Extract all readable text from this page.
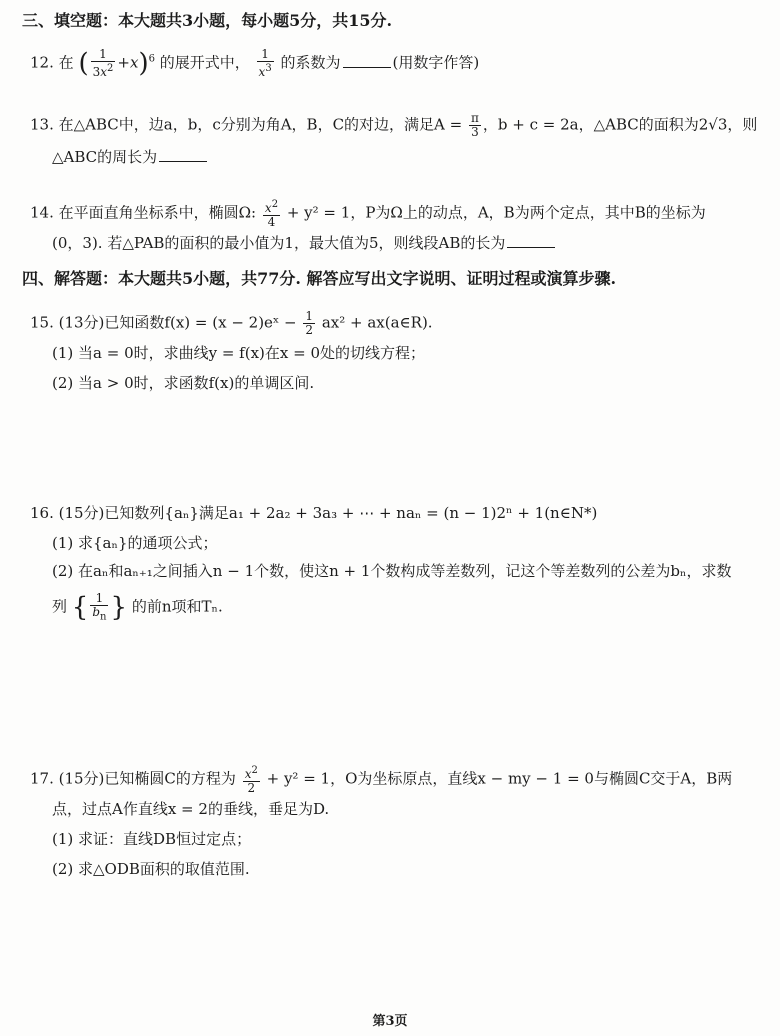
三、填空题：本大题共3小题，每小题5分，共15分.
12. 在 ( $\frac{1}{3x^2} +x)^6$ 的展开式中， $\frac{1}{x^3}$ 的系数为	(用数字作答)
13. 在△ABC中，边a，b，c分别为角A，B，C的对边，满足$A = \frac{\pi}{3}$ ，b + c = 2a，△ABC的面积为2√3，则
△ABC的周长为
14. 在平面直角坐标系中，椭圆Ω: $\frac{x^2}{4} + y^2 = 1$，P为Ω上的动点，A，B为两个定点，其中B的坐标为
(0，3). 若△PAB的面积的最小值为1，最大值为5，则线段AB的长为
四、解答题：本大题共5小题，共77分. 解答应写出文字说明、证明过程或演算步骤.
15. (13分)已知函数f(x) = (x − 2)eˣ − $\frac{1}{2} ax^2$ + ax(a∈R).
(1) 当a = 0时，求曲线y = f(x)在x = 0处的切线方程；
(2) 当a > 0时，求函数f(x)的单调区间.
16. (15分)已知数列{aₙ}满足a₁ + 2a₂ + 3a₃ + ⋯ + naₙ = (n − 1)2ⁿ + 1(n∈N*)
(1) 求{aₙ}的通项公式；
(2) 在aₙ和aₙ₊₁之间插入n − 1个数，使这n + 1个数构成等差数列，记这个等差数列的公差为bₙ，求数
列 { $\frac{1}{b_n}$ } 的前n项和Tₙ.
17. (15分)已知椭圆C的方程为 $\frac{x^2}{2} + y^2 = 1$，O为坐标原点，直线x − my − 1 = 0与椭圆C交于A，B两
点，过点A作直线x = 2的垂线，垂足为D.
(1) 求证：直线DB恒过定点；
(2) 求△ODB面积的取值范围.
第3页
